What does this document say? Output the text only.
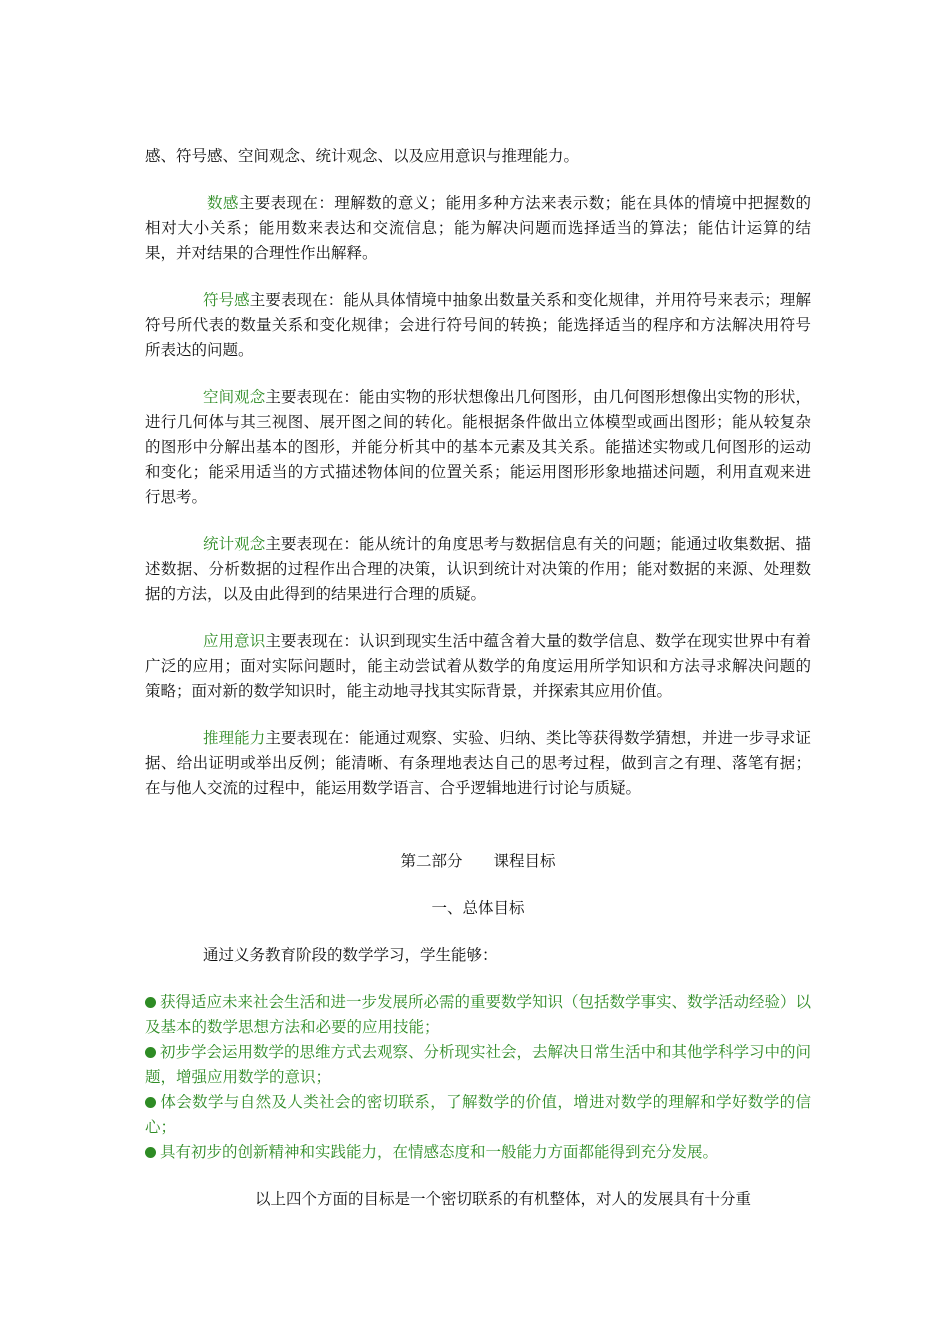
感、符号感、空间观念、统计观念、以及应用意识与推理能力。

数感主要表现在：理解数的意义；能用多种方法来表示数；能在具体的情境中把握数的相对大小关系；能用数来表达和交流信息；能为解决问题而选择适当的算法；能估计运算的结果，并对结果的合理性作出解释。

符号感主要表现在：能从具体情境中抽象出数量关系和变化规律，并用符号来表示；理解符号所代表的数量关系和变化规律；会进行符号间的转换；能选择适当的程序和方法解决用符号所表达的问题。

空间观念主要表现在：能由实物的形状想像出几何图形，由几何图形想像出实物的形状，进行几何体与其三视图、展开图之间的转化。能根据条件做出立体模型或画出图形；能从较复杂的图形中分解出基本的图形，并能分析其中的基本元素及其关系。能描述实物或几何图形的运动和变化；能采用适当的方式描述物体间的位置关系；能运用图形形象地描述问题，利用直观来进行思考。

统计观念主要表现在：能从统计的角度思考与数据信息有关的问题；能通过收集数据、描述数据、分析数据的过程作出合理的决策，认识到统计对决策的作用；能对数据的来源、处理数据的方法，以及由此得到的结果进行合理的质疑。

应用意识主要表现在：认识到现实生活中蕴含着大量的数学信息、数学在现实世界中有着广泛的应用；面对实际问题时，能主动尝试着从数学的角度运用所学知识和方法寻求解决问题的策略；面对新的数学知识时，能主动地寻找其实际背景，并探索其应用价值。

推理能力主要表现在：能通过观察、实验、归纳、类比等获得数学猜想，并进一步寻求证据、给出证明或举出反例；能清晰、有条理地表达自己的思考过程，做到言之有理、落笔有据；在与他人交流的过程中，能运用数学语言、合乎逻辑地进行讨论与质疑。

第二部分　　课程目标

一、总体目标

通过义务教育阶段的数学学习，学生能够：

获得适应未来社会生活和进一步发展所必需的重要数学知识（包括数学事实、数学活动经验）以及基本的数学思想方法和必要的应用技能；

初步学会运用数学的思维方式去观察、分析现实社会，去解决日常生活中和其他学科学习中的问题，增强应用数学的意识；

体会数学与自然及人类社会的密切联系，了解数学的价值，增进对数学的理解和学好数学的信心；

具有初步的创新精神和实践能力，在情感态度和一般能力方面都能得到充分发展。

以上四个方面的目标是一个密切联系的有机整体，对人的发展具有十分重
